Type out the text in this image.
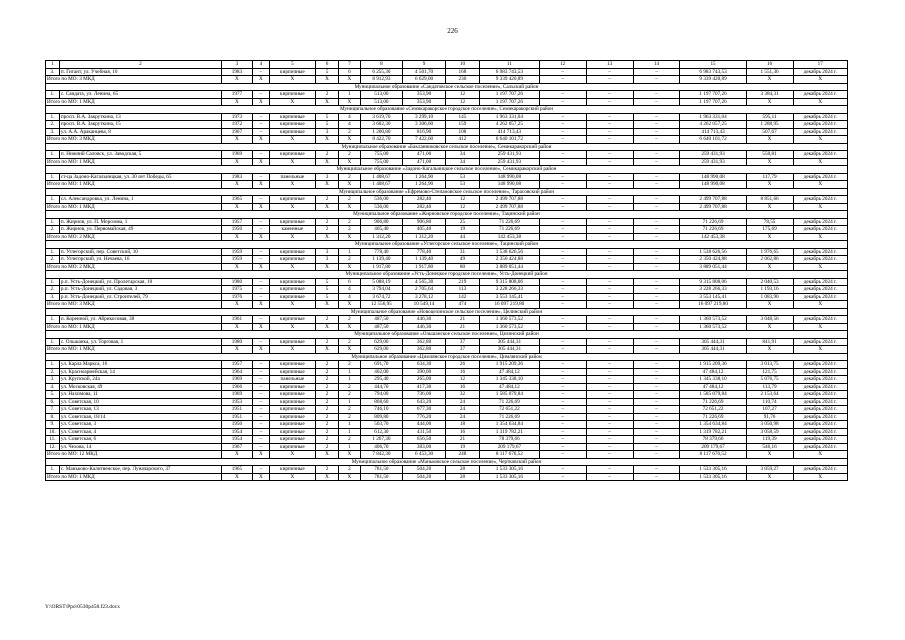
226
1	2	3	4	5	6	7	8	9	10	11	12	13	14	15	16	17
3.	п. Гигант, ул. Учебная, 10	1983	–	кирпичные	5	6	6 255,30	4 501,70	168	6 983 743,53	–	–	–	6 983 743,53	1 551,36	декабрь 2024 г.
Итого по МО: 3 МКД		X	X	X	X	X	8 912,93	6 629,00	230	9 339 420,89	–	–	–	9 339 420,89	X	X
Муниципальное образование «Сандатовское сельское поселение», Сальский район																
1.	с. Сандата, ул. Ленина, 65	1977	–	кирпичные	2	1	513,00	353,90	12	1 197 707,26	–	–	–	1 197 707,26	3 384,31	декабрь 2024 г.
Итого по МО: 1 МКД		X	X	X	X	X	513,00	353,90	12	1 197 707,26	–	–	–	1 197 707,26	X	X
Муниципальное образование «Семикаракорское городское поселение», Семикаракорский район																
1.	просп. В.А. Закруткина, 13	1973	–	кирпичные	5	4	3 619,70	3 299,10	145	1 963 331,04	–	–	–	1 963 331,04	595,11	декабрь 2024 г.
2.	просп. В.А. Закруткина, 15	1972	–	кирпичные	5	4	3 602,30	3 306,60	159	4 262 057,25	–	–	–	4 262 057,25	1 288,95	декабрь 2024 г.
3.	ул. А.А. Араканцева, 8	1967	–	кирпичные	3	2	1 200,80	816,90	108	414 713,43	–	–	–	414 713,43	507,67	декабрь 2024 г.
Итого по МО: 3 МКД		X	X	X	X	X	8 422,70	7 422,60	412	6 640 101,72	–	–	–	6 640 101,72	X	X
Муниципальное образование «Бакланниковское сельское поселение», Семикаракорский район																
1.	п. Нижний Саловск, ул. Заводская, 5	1969	–	кирпичные	2	2	755,00	471,00	34	259 431,93	–	–	–	259 431,93	550,81	декабрь 2024 г.
Итого по МО: 1 МКД		X	X	X	X	X	755,00	471,00	34	259 431,93	–	–	–	259 431,93	X	X
Муниципальное образование «Задоно-Кагальницкое сельское поселение», Семикаракорский район																
1.	ст-ца Задоно-Кагальницкая, ул. 30 лет Победы, 65	1983	–	панельные	3	2	1 408,67	1 264,90	53	148 990,08	–	–	–	148 990,08	117,79	декабрь 2024 г.
Итого по МО: 1 МКД		X	X	X	X	X	1 408,67	1 264,90	53	148 990,08	–	–	–	148 990,08	X	X
Муниципальное образование «Ефремово-Степановское сельское поселение», Тарасовский район																
1.	сл. Александровка, ул. Ленина, 1	1965	–	кирпичные	2	2	536,00	282,40	12	2 499 707,88	–	–	–	2 499 707,88	8 851,66	декабрь 2024 г.
Итого по МО: 1 МКД		X	X	X	X	X	536,00	282,40	12	2 499 707,88	–	–	–	2 499 707,88	X	X
Муниципальное образование «Жирновское городское поселение», Тацинский район																
1.	п. Жирнов, ул. П. Морозова, 1	1957	–	кирпичные	2	2	906,80	906,80	25	71 226,69	–	–	–	71 226,69	78,55	декабрь 2024 г.
2.	п. Жирнов, ул. Первомайская, 49	1950	–	каменные	2	2	405,40	405,40	19	71 226,69	–	–	–	71 226,69	175,69	декабрь 2024 г.
Итого по МО: 2 МКД		X	X	X	X	X	1 312,20	1 312,20	44	142 453,38	–	–	–	142 453,38	X	X
Муниципальное образование «Углегорское сельское поселение», Тацинский район																
1.	п. Углегорский, пер. Советский, 10	1959	–	кирпичные	3	1	778,40	778,40	31	1 538 626,56	–	–	–	1 538 626,56	1 976,65	декабрь 2024 г.
2.	п. Углегорский, ул. Нечаева, 16	1959	–	кирпичные	3	2	1 139,40	1 139,40	49	2 350 424,88	–	–	–	2 350 424,88	2 062,86	декабрь 2024 г.
Итого по МО: 2 МКД		X	X	X	X	X	1 917,80	1 917,80	80	3 889 051,44	–	–	–	3 889 051,44	X	X
Муниципальное образование «Усть-Донецкое городское поселение», Усть-Донецкий район																
1.	р.п. Усть-Донецкий, ул. Пролетарская, 10	1980	–	кирпичные	5	6	5 088,19	4 565,38	219	9 315 808,06	–	–	–	9 315 808,06	2 040,53	декабрь 2024 г.
2.	р.п. Усть-Донецкий, ул. Садовая, 3	1975	–	кирпичные	5	4	3 794,04	2 705,64	113	3 228 266,33	–	–	–	3 228 266,33	1 193,16	декабрь 2024 г.
3.	р.п. Усть-Донецкий, ул. Строителей, 79	1976	–	кирпичные	5	4	3 674,72	3 278,12	142	3 553 145,41	–	–	–	3 553 145,41	1 083,90	декабрь 2024 г.
Итого по МО: 3 МКД		X	X	X	X	X	12 556,95	10 549,14	474	16 097 219,80	–	–	–	16 097 219,80	X	X
Муниципальное образование «Новоцелинское сельское поселение», Целинский район																
1.	п. Коренной, ул. Абрикосовая, 38	1961	–	кирпичные	2	2	487,50	446,30	21	1 360 573,52	–	–	–	1 360 573,52	3 048,56	декабрь 2024 г.
Итого по МО: 1 МКД		X	X	X	X	X	487,50	446,30	21	1 360 573,52	–	–	–	1 360 573,52	X	X
Муниципальное образование «Ольшанское сельское поселение», Целинский район																
1.	с. Ольшанка, ул. Торговая, 1	1980	–	кирпичные	2	2	629,00	362,80	37	305 444,31	–	–	–	305 444,31	841,91	декабрь 2024 г.
Итого по МО: 1 МКД		X	X	X	X	X	629,00	362,80	37	305 444,31	–	–	–	305 444,31	X	X
Муниципальное образование «Цимлянское городское поселение», Цимлянский район																
1.	ул. Карла Маркса, 16	1957	–	кирпичные	2	2	691,70	634,30	26	1 915 209,36	–	–	–	1 915 209,36	3 013,75	декабрь 2024 г.
2.	ул. Красноармейская, 14	1964	–	кирпичные	2	1	402,00	390,00	16	47 484,12	–	–	–	47 484,12	121,75	декабрь 2024 г.
3.	ул. Крупской, 24а	1969	–	панельные	2	1	295,40	265,00	12	1 345 338,10	–	–	–	1 345 338,10	5 076,75	декабрь 2024 г.
4.	ул. Московская, 49	1966	–	кирпичные	2	2	444,70	417,30	16	47 484,12	–	–	–	47 484,12	113,79	декабрь 2024 г.
5.	ул. Нахимова, 11	1969	–	кирпичные	2	2	794,00	736,00	32	1 585 079,84	–	–	–	1 585 079,84	2 153,64	декабрь 2024 г.
6.	ул. Советская, 10	1953	–	кирпичные	2	1	868,60	643,20	24	71 226,69	–	–	–	71 226,69	110,74	декабрь 2024 г.
7.	ул. Советская, 13	1951	–	кирпичные	2	2	746,10	677,30	24	72 651,22	–	–	–	72 651,22	107,27	декабрь 2024 г.
8.	ул. Советская, 18/14	1951	–	кирпичные	2	2	809,80	776,20	24	71 226,69	–	–	–	71 226,69	91,76	декабрь 2024 г.
9.	ул. Советская, 3	1950	–	кирпичные	2	1	503,70	444,00	18	1 354 634,84	–	–	–	1 354 634,84	3 050,98	декабрь 2024 г.
10.	ул. Советская, 4	1954	–	кирпичные	2	1	612,30	431,50	16	1 319 782,21	–	–	–	1 319 782,21	3 058,59	декабрь 2024 г.
11.	ул. Советская, 6	1954	–	кирпичные	2	2	1 267,30	656,50	21	78 379,66	–	–	–	78 379,66	119,39	декабрь 2024 г.
12.	ул. Чехова, 14	1967	–	кирпичные	2	1	406,70	383,00	19	209 179,67	–	–	–	209 179,67	546,16	декабрь 2024 г.
Итого по МО: 12 МКД		X	X	X	X	X	7 842,30	6 453,30	248	8 117 676,52	–	–	–	8 117 676,52	X	X
Муниципальное образование «Маньковское сельское поселение», Чертковский район																
1.	с. Маньково-Калитвенское, пер. Луначарского, 37	1965	–	кирпичные	2	2	781,50	504,20	28	1 533 305,16	–	–	–	1 533 305,16	3 059,27	декабрь 2024 г.
Итого по МО: 1 МКД		X	X	X	X	X	781,50	504,20	28	1 533 305,16	–	–	–	1 533 305,16	X	X
Y:\ORST\Ppo\0530p458.f23.docx
